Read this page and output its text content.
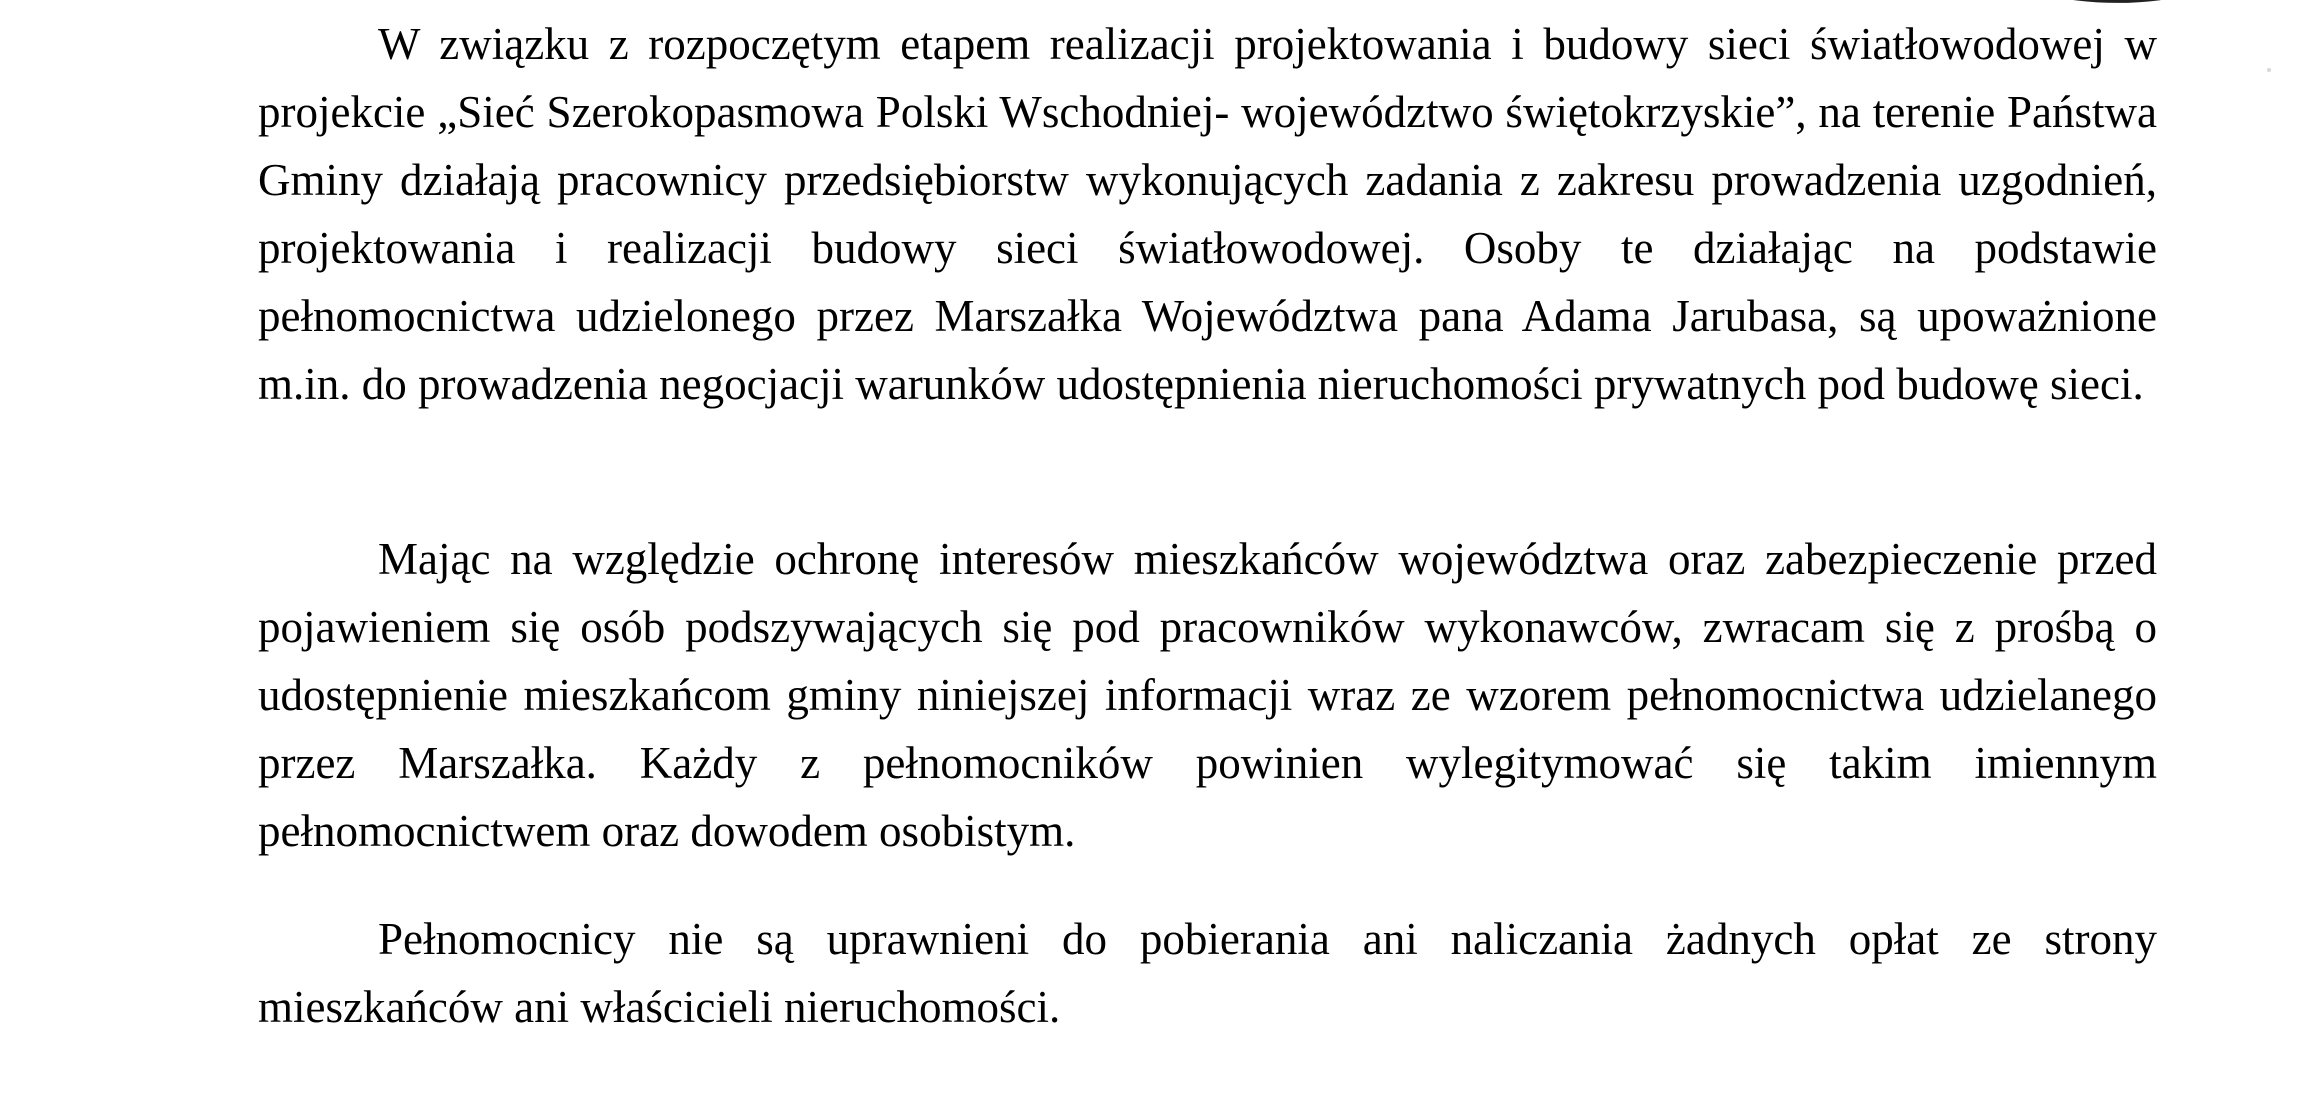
W związku z rozpoczętym etapem realizacji projektowania i budowy sieci światłowodowej w projekcie „Sieć Szerokopasmowa Polski Wschodniej- województwo świętokrzyskie”, na terenie Państwa Gminy działają pracownicy przedsiębiorstw wykonujących zadania z zakresu prowadzenia uzgodnień, projektowania i realizacji budowy sieci światłowodowej. Osoby te działając na podstawie pełnomocnictwa udzielonego przez Marszałka Województwa pana Adama Jarubasa, są upoważnione m.in. do prowadzenia negocjacji warunków udostępnienia nieruchomości prywatnych pod budowę sieci.

Mając na względzie ochronę interesów mieszkańców województwa oraz zabezpieczenie przed pojawieniem się osób podszywających się pod pracowników wykonawców, zwracam się z prośbą o udostępnienie mieszkańcom gminy niniejszej informacji wraz ze wzorem pełnomocnictwa udzielanego przez Marszałka. Każdy z pełnomocników powinien wylegitymować się takim imiennym pełnomocnictwem oraz dowodem osobistym.

Pełnomocnicy nie są uprawnieni do pobierania ani naliczania żadnych opłat ze strony mieszkańców ani właścicieli nieruchomości.
